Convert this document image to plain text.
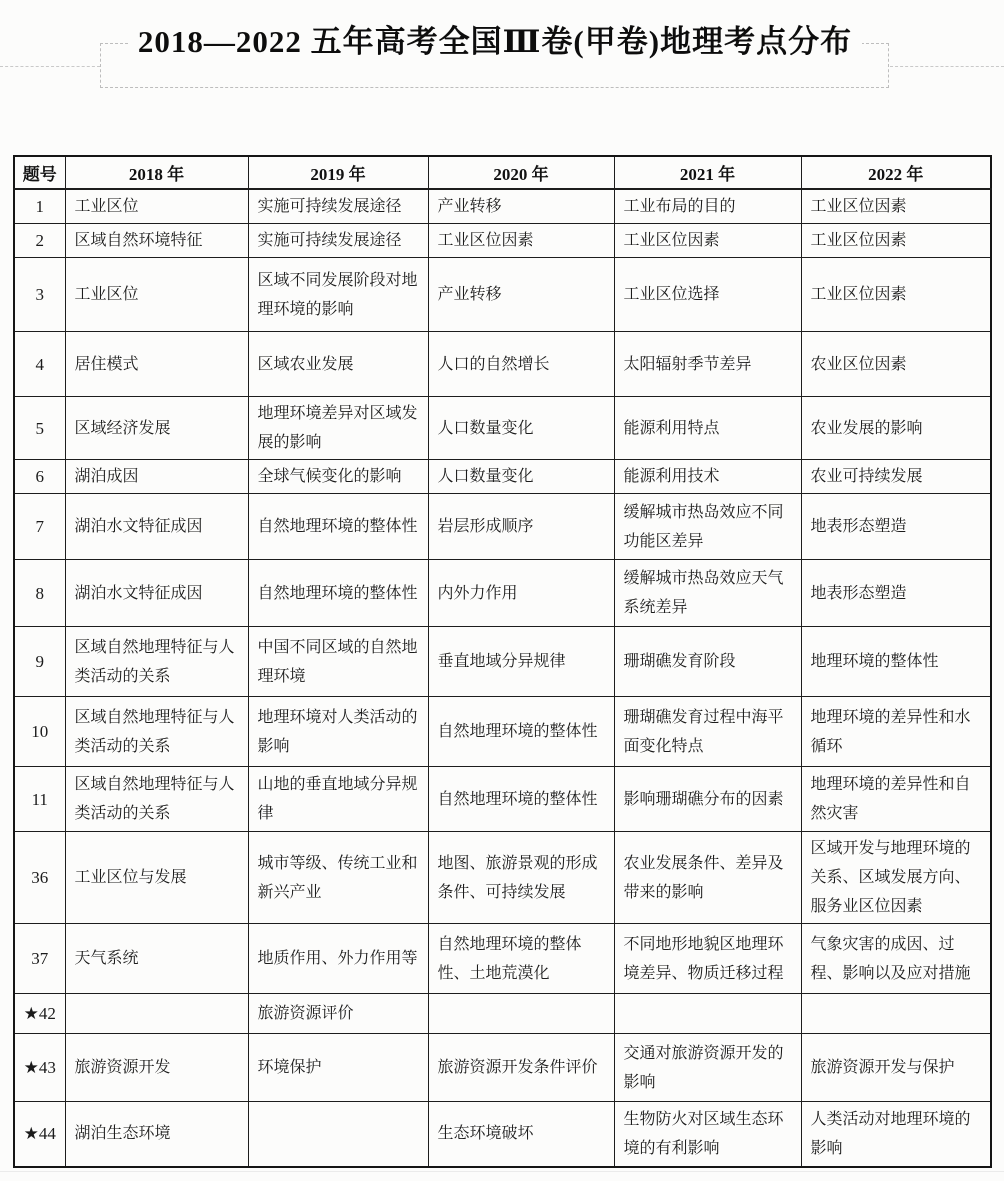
2018—2022 五年高考全国Ⅲ卷(甲卷)地理考点分布
题号	2018 年	2019 年	2020 年	2021 年	2022 年
1	工业区位	实施可持续发展途径	产业转移	工业布局的目的	工业区位因素
2	区域自然环境特征	实施可持续发展途径	工业区位因素	工业区位因素	工业区位因素
3	工业区位	区域不同发展阶段对地理环境的影响	产业转移	工业区位选择	工业区位因素
4	居住模式	区域农业发展	人口的自然增长	太阳辐射季节差异	农业区位因素
5	区域经济发展	地理环境差异对区域发展的影响	人口数量变化	能源利用特点	农业发展的影响
6	湖泊成因	全球气候变化的影响	人口数量变化	能源利用技术	农业可持续发展
7	湖泊水文特征成因	自然地理环境的整体性	岩层形成顺序	缓解城市热岛效应不同功能区差异	地表形态塑造
8	湖泊水文特征成因	自然地理环境的整体性	内外力作用	缓解城市热岛效应天气系统差异	地表形态塑造
9	区域自然地理特征与人类活动的关系	中国不同区域的自然地理环境	垂直地域分异规律	珊瑚礁发育阶段	地理环境的整体性
10	区域自然地理特征与人类活动的关系	地理环境对人类活动的影响	自然地理环境的整体性	珊瑚礁发育过程中海平面变化特点	地理环境的差异性和水循环
11	区域自然地理特征与人类活动的关系	山地的垂直地域分异规律	自然地理环境的整体性	影响珊瑚礁分布的因素	地理环境的差异性和自然灾害
36	工业区位与发展	城市等级、传统工业和新兴产业	地图、旅游景观的形成条件、可持续发展	农业发展条件、差异及带来的影响	区域开发与地理环境的关系、区域发展方向、服务业区位因素
37	天气系统	地质作用、外力作用等	自然地理环境的整体性、土地荒漠化	不同地形地貌区地理环境差异、物质迁移过程	气象灾害的成因、过程、影响以及应对措施
★42		旅游资源评价			
★43	旅游资源开发	环境保护	旅游资源开发条件评价	交通对旅游资源开发的影响	旅游资源开发与保护
★44	湖泊生态环境		生态环境破坏	生物防火对区域生态环境的有利影响	人类活动对地理环境的影响
